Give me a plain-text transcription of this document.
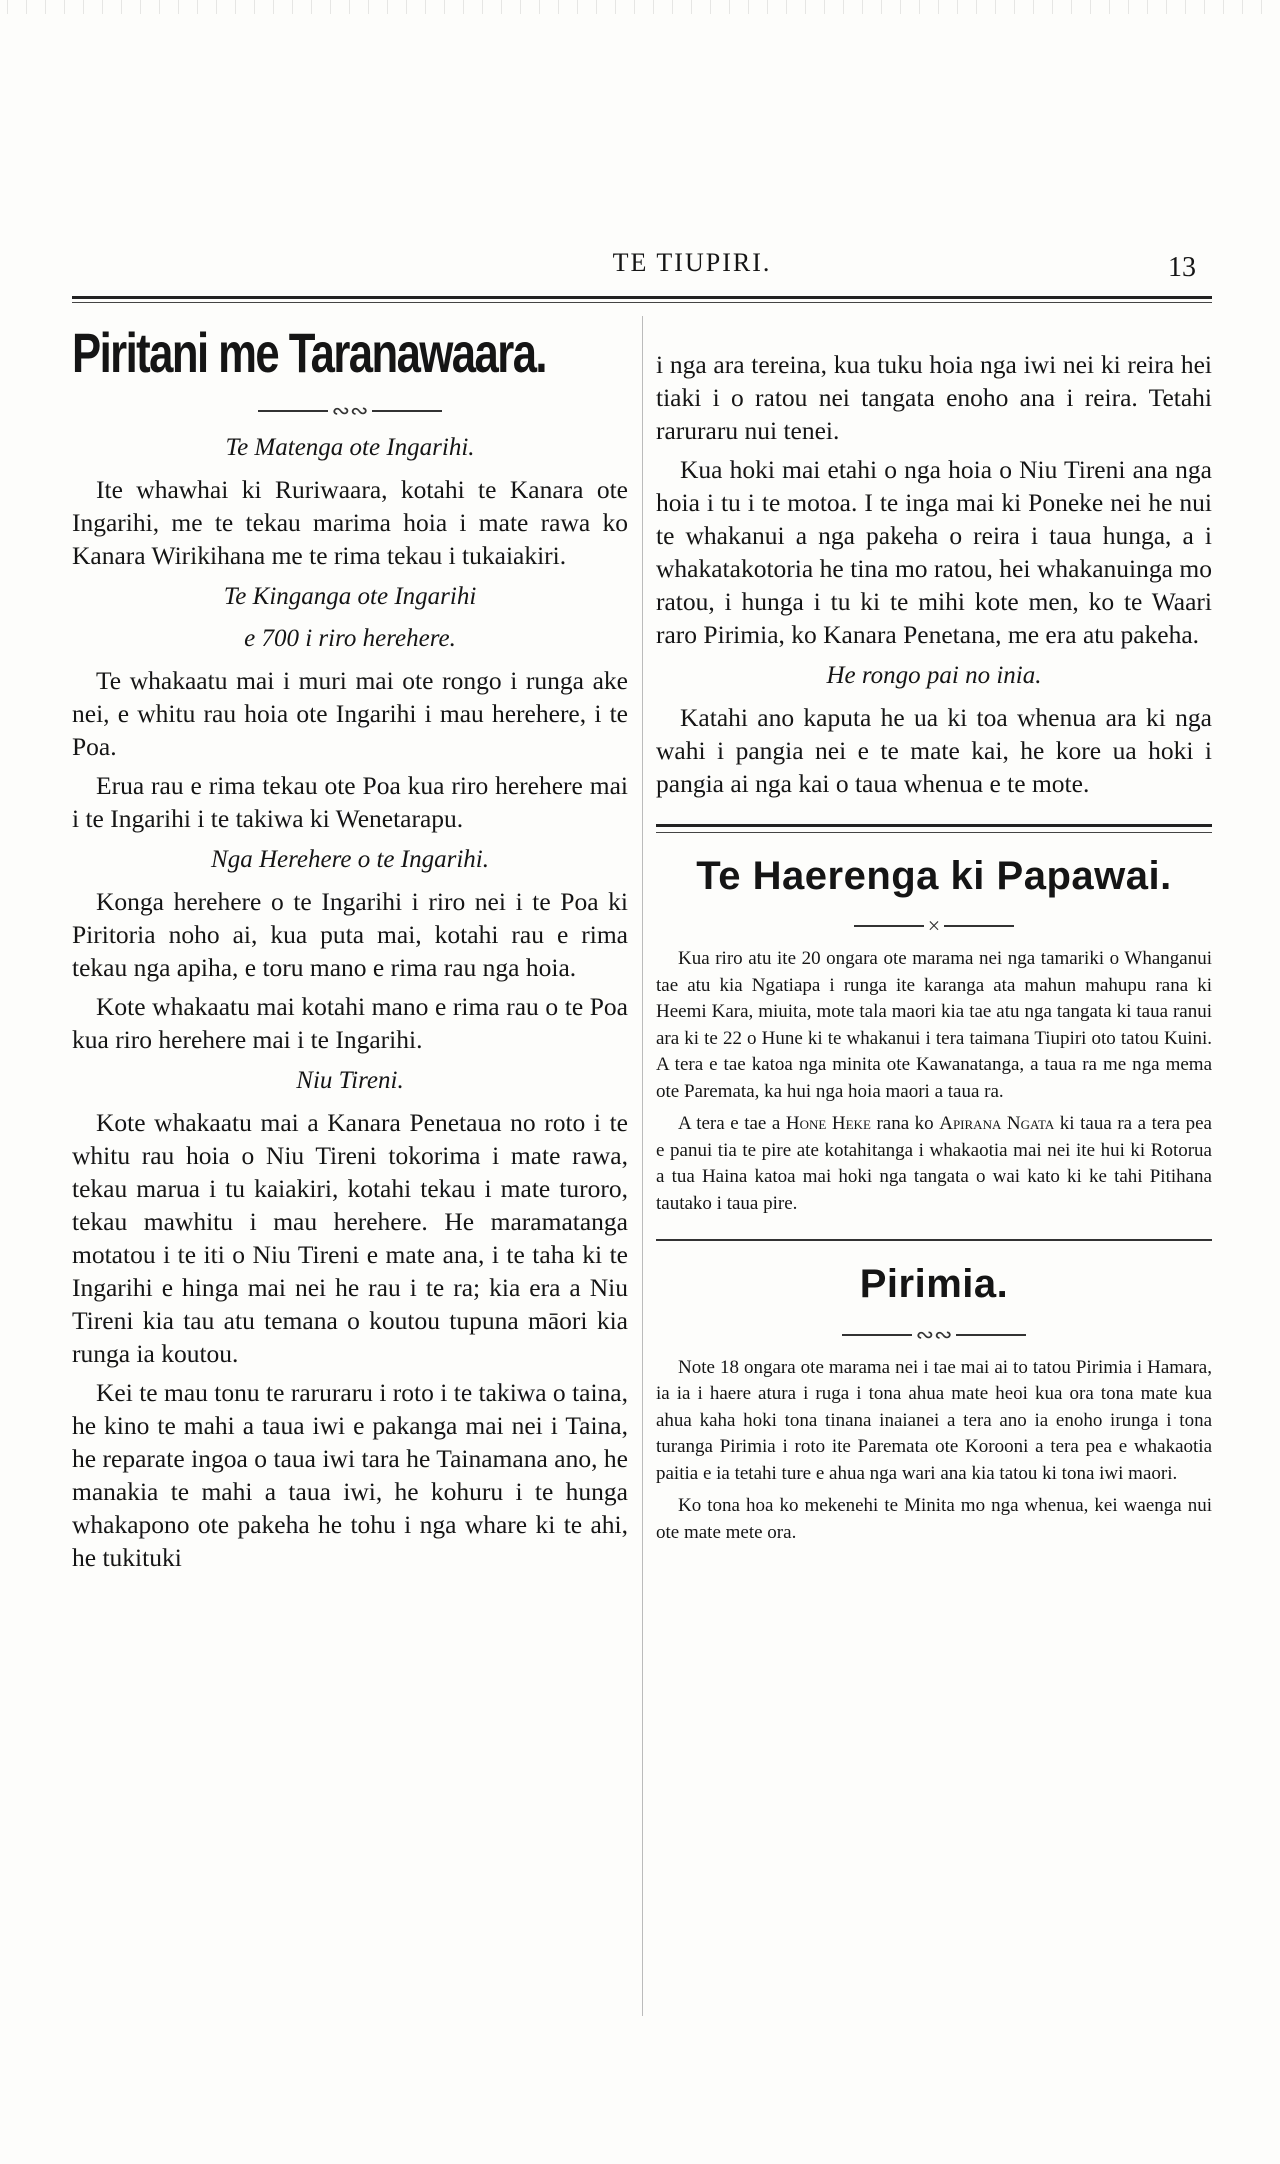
TE TIUPIRI.	13
Piritani me Taranawaara.
∾∾
Te Matenga ote Ingarihi.

Ite whawhai ki Ruriwaara, kotahi te Kanara ote Ingarihi, me te tekau marima hoia i mate rawa ko Kanara Wirikihana me te rima tekau i tukaiakiri.

Te Kinganga ote Ingarihi
e 700 i riro herehere.

Te whakaatu mai i muri mai ote rongo i runga ake nei, e whitu rau hoia ote Ingarihi i mau herehere, i te Poa.

Erua rau e rima tekau ote Poa kua riro herehere mai i te Ingarihi i te takiwa ki Wenetarapu.

Nga Herehere o te Ingarihi.

Konga herehere o te Ingarihi i riro nei i te Poa ki Piritoria noho ai, kua puta mai, kotahi rau e rima tekau nga apiha, e toru mano e rima rau nga hoia.

Kote whakaatu mai kotahi mano e rima rau o te Poa kua riro herehere mai i te Ingarihi.

Niu Tireni.

Kote whakaatu mai a Kanara Penetaua no roto i te whitu rau hoia o Niu Tireni tokorima i mate rawa, tekau marua i tu kaiakiri, kotahi tekau i mate turoro, tekau mawhitu i mau herehere. He maramatanga motatou i te iti o Niu Tireni e mate ana, i te taha ki te Ingarihi e hinga mai nei he rau i te ra; kia era a Niu Tireni kia tau atu temana o koutou tupuna māori kia runga ia koutou.

Kei te mau tonu te raruraru i roto i te takiwa o taina, he kino te mahi a taua iwi e pakanga mai nei i Taina, he reparate ingoa o taua iwi tara he Tainamana ano, he manakia te mahi a taua iwi, he kohuru i te hunga whakapono ote pakeha he tohu i nga whare ki te ahi, he tukituki

i nga ara tereina, kua tuku hoia nga iwi nei ki reira hei tiaki i o ratou nei tangata enoho ana i reira. Tetahi raruraru nui tenei.

Kua hoki mai etahi o nga hoia o Niu Tireni ana nga hoia i tu i te motoa. I te inga mai ki Poneke nei he nui te whakanui a nga pakeha o reira i taua hunga, a i whakatakotoria he tina mo ratou, hei whakanuinga mo ratou, i hunga i tu ki te mihi kote men, ko te Waari raro Pirimia, ko Kanara Penetana, me era atu pakeha.

He rongo pai no inia.

Katahi ano kaputa he ua ki toa whenua ara ki nga wahi i pangia nei e te mate kai, he kore ua hoki i pangia ai nga kai o taua whenua e te mote.

Te Haerenga ki Papawai.
×

Kua riro atu ite 20 ongara ote marama nei nga tamariki o Whanganui tae atu kia Ngatiapa i runga ite karanga ata mahun mahupu rana ki Heemi Kara, miuita, mote tala maori kia tae atu nga tangata ki taua ranui ara ki te 22 o Hune ki te whakanui i tera taimana Tiupiri oto tatou Kuini. A tera e tae katoa nga minita ote Kawanatanga, a taua ra me nga mema ote Paremata, ka hui nga hoia maori a taua ra.

A tera e tae a Hone Heke rana ko Apirana Ngata ki taua ra a tera pea e panui tia te pire ate kotahitanga i whakaotia mai nei ite hui ki Rotorua a tua Haina katoa mai hoki nga tangata o wai kato ki ke tahi Pitihana tautako i taua pire.

Pirimia.
∾∾

Note 18 ongara ote marama nei i tae mai ai to tatou Pirimia i Hamara, ia ia i haere atura i ruga i tona ahua mate heoi kua ora tona mate kua ahua kaha hoki tona tinana inaianei a tera ano ia enoho irunga i tona turanga Pirimia i roto ite Paremata ote Korooni a tera pea e whakaotia paitia e ia tetahi ture e ahua nga wari ana kia tatou ki tona iwi maori.

Ko tona hoa ko mekenehi te Minita mo nga whenua, kei waenga nui ote mate mete ora.
